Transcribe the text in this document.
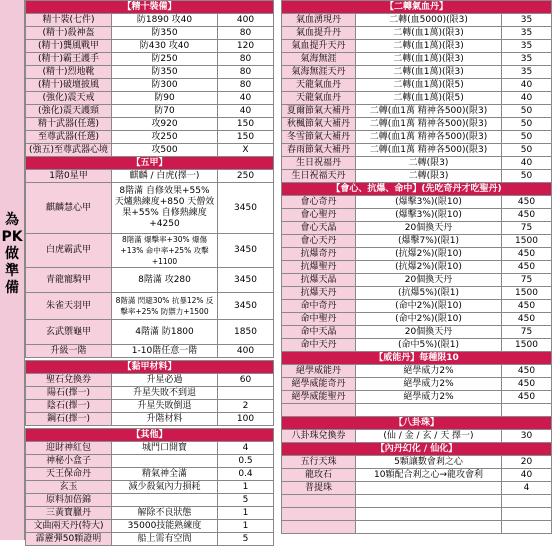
為PK做準備
【精十裝備】		
精十裝(七件)	防1890 攻40	400
(精十)殺神盔	防350	80
(精十)龔風戰甲	防430 攻40	120
(精十)霸王護手	防250	80
(精十)烈地靴	防350	80
(精十)破壇披風	防300	80
(強化)震天戒	防90	40
(強化)震天護頸	防70	40
精十武器(任選)	攻920	150
至尊武器(任選)	攻250	150
(強五)至尊武器心境	攻500	X
【五甲】		
1階0星甲	麒麟 / 白虎(擇一)	250
麒麟慧心甲	8階滿 自修效果+55% 天爐熱練度+850 天僧效果+55% 自修熱練度+4250	3450
白虎霸武甲	8階滿 爆擊率+30% 爆傷+13% 命中率+25% 攻擊+1100	3450
青龍寵騎甲	8階滿 攻280	3450
朱雀天羽甲	8階滿 閃避30% 抗暴12% 反擊率+25% 防禦力+1500	3450
玄武禦龜甲	4階滿 防1800	1850
升級一階	1-10階任意一階	400

【黏甲材料】		
聖石兌換券	升星必過	60
陽石(擇一)	升星失敗不到退	
陰石(擇一)	升星失敗倒退	2
鋼石(擇一)	升階材料	100

【其他】		
迎財神紅包	城門口開寶	4
神秘小盒子		0.5
天王保命丹	精氣神全滿	0.4
玄玉	減少殺氣內力損耗	1
原料加倍錦		5
三黃寶臘丹	解除不良狀態	1
文曲兩天丹(特大)	35000技能熟練度	1
霹靂彈50顆證明	船上需有空間	5
【二轉氣血丹】		
氣血湧現丹	二轉(血5000)(限3)	35
氣血提升丹	二轉(血1萬)(限3)	35
氣血提升天丹	二轉(血1萬)(限3)	35
氣海無涯	二轉(血1萬)(限3)	35
氣海無涯天丹	二轉(血1萬)(限3)	35
天龍氣血丹	二轉(血1萬)(限5)	40
天龍氣血丹	二轉(血1萬)(限5)	40
夏爾節氣大補丹	二轉(血1萬 精神各500)(限3)	50
秋楓節氣大補丹	二轉(血1萬 精神各500)(限3)	50
冬雪節氣大補丹	二轉(血1萬 精神各500)(限3)	50
春雨節氣大補丹	二轉(血1萬 精神各500)(限3)	50
生日祝福丹	二轉(限3)	40
生日祝福天丹	二轉(限3)	50
【會心、抗爆、命中】(先吃奇丹才吃聖丹)		
會心奇丹	(爆擊3%)(限10)	450
會心聖丹	(爆擊3%)(限10)	450
會心天晶	20個換天丹	75
會心天丹	(爆擊7%)(限1)	1500
抗爆奇丹	(抗爆2%)(限10)	450
抗爆聖丹	(抗爆2%)(限10)	450
抗爆天晶	20個換天丹	75
抗爆天丹	(抗爆5%)(限1)	1500
命中奇丹	(命中2%)(限10)	450
命中聖丹	(命中2%)(限10)	450
命中天晶	20個換天丹	75
命中天丹	(命中5%)(限1)	1500
【威能丹】每種限10		
絕學威能丹	絕學威力2%	450
絕學威能奇丹	絕學威力2%	450
絕學威能聖丹	絕學威力2%	450

【八卦珠】		
八卦珠兌換券	(仙 / 金 / 玄 / 天 擇一)	30
【內丹幻化 / 仙化】		
五行天珠	5顆讓數會剎之心	20
龍玫石	10顆配合剎之心→龍攻會利	40
普提珠		4
